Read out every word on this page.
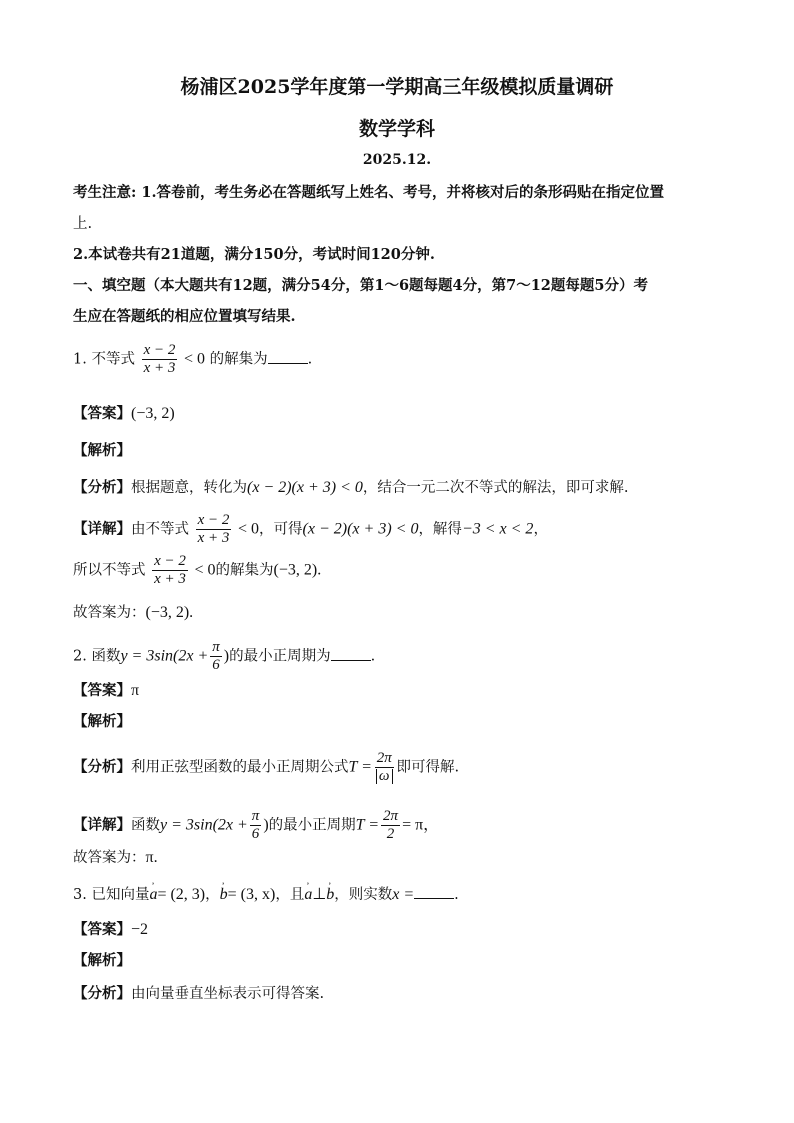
杨浦区2025学年度第一学期高三年级模拟质量调研
数学学科
2025.12.
考生注意: 1.答卷前，考生务必在答题纸写上姓名、考号，并将核对后的条形码贴在指定位置
上.
2.本试卷共有21道题，满分150分，考试时间120分钟.
一、填空题（本大题共有12题，满分54分，第1～6题每题4分，第7～12题每题5分）考
生应在答题纸的相应位置填写结果.
1. 不等式 $\frac{x - 2}{x + 3} < 0$ 的解集为	.
【答案】(−3, 2)
【解析】
【分析】根据题意，转化为(x − 2)(x + 3) < 0，结合一元二次不等式的解法，即可求解.
【详解】由不等式 $\frac{x - 2}{x + 3} < 0$，可得(x − 2)(x + 3) < 0，解得−3 < x < 2，
所以不等式 $\frac{x - 2}{x + 3} < 0$的解集为(−3, 2).
故答案为：(−3, 2).
2. 函数$y = 3\sin(2x + \frac{\pi}{6}$ )的最小正周期为	.
【答案】π
【解析】
【分析】利用正弦型函数的最小正周期公式$T = \frac{2\pi}{\omega}$ 即可得解.
【详解】函数$y = 3\sin(2x + \frac{\pi}{6}$ )的最小正周期$T = \frac{2\pi}{2} = \pi$，
故答案为：π.
3. 已知向量’ a= (2, 3)，’ b= (3, x)，且’ a⊥’ b，则实数x =	.
【答案】−2
【解析】
【分析】由向量垂直坐标表示可得答案.
